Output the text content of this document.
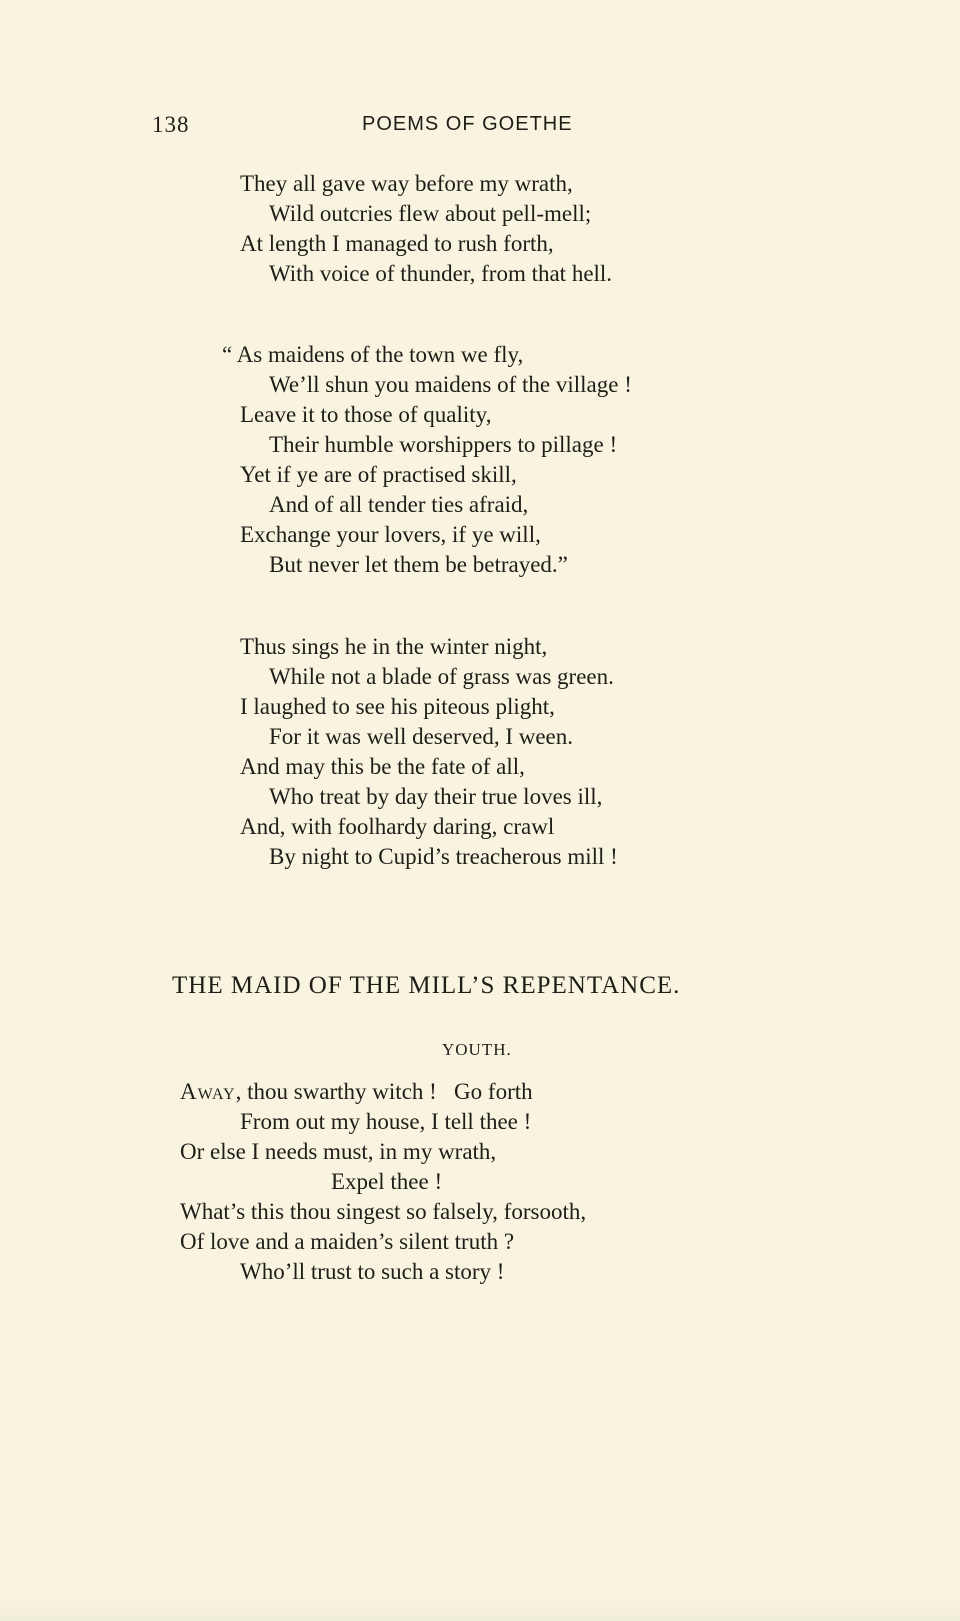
138	POEMS OF GOETHE
They all gave way before my wrath,
Wild outcries flew about pell-mell;
At length I managed to rush forth,
With voice of thunder, from that hell.
“ As maidens of the town we fly,
We’ll shun you maidens of the village !
Leave it to those of quality,
Their humble worshippers to pillage !
Yet if ye are of practised skill,
And of all tender ties afraid,
Exchange your lovers, if ye will,
But never let them be betrayed.”
Thus sings he in the winter night,
While not a blade of grass was green.
I laughed to see his piteous plight,
For it was well deserved, I ween.
And may this be the fate of all,
Who treat by day their true loves ill,
And, with foolhardy daring, crawl
By night to Cupid’s treacherous mill !
THE MAID OF THE MILL’S REPENTANCE.
YOUTH.
Away, thou swarthy witch !   Go forth
From out my house, I tell thee !
Or else I needs must, in my wrath,
Expel thee !
What’s this thou singest so falsely, forsooth,
Of love and a maiden’s silent truth ?
Who’ll trust to such a story !
